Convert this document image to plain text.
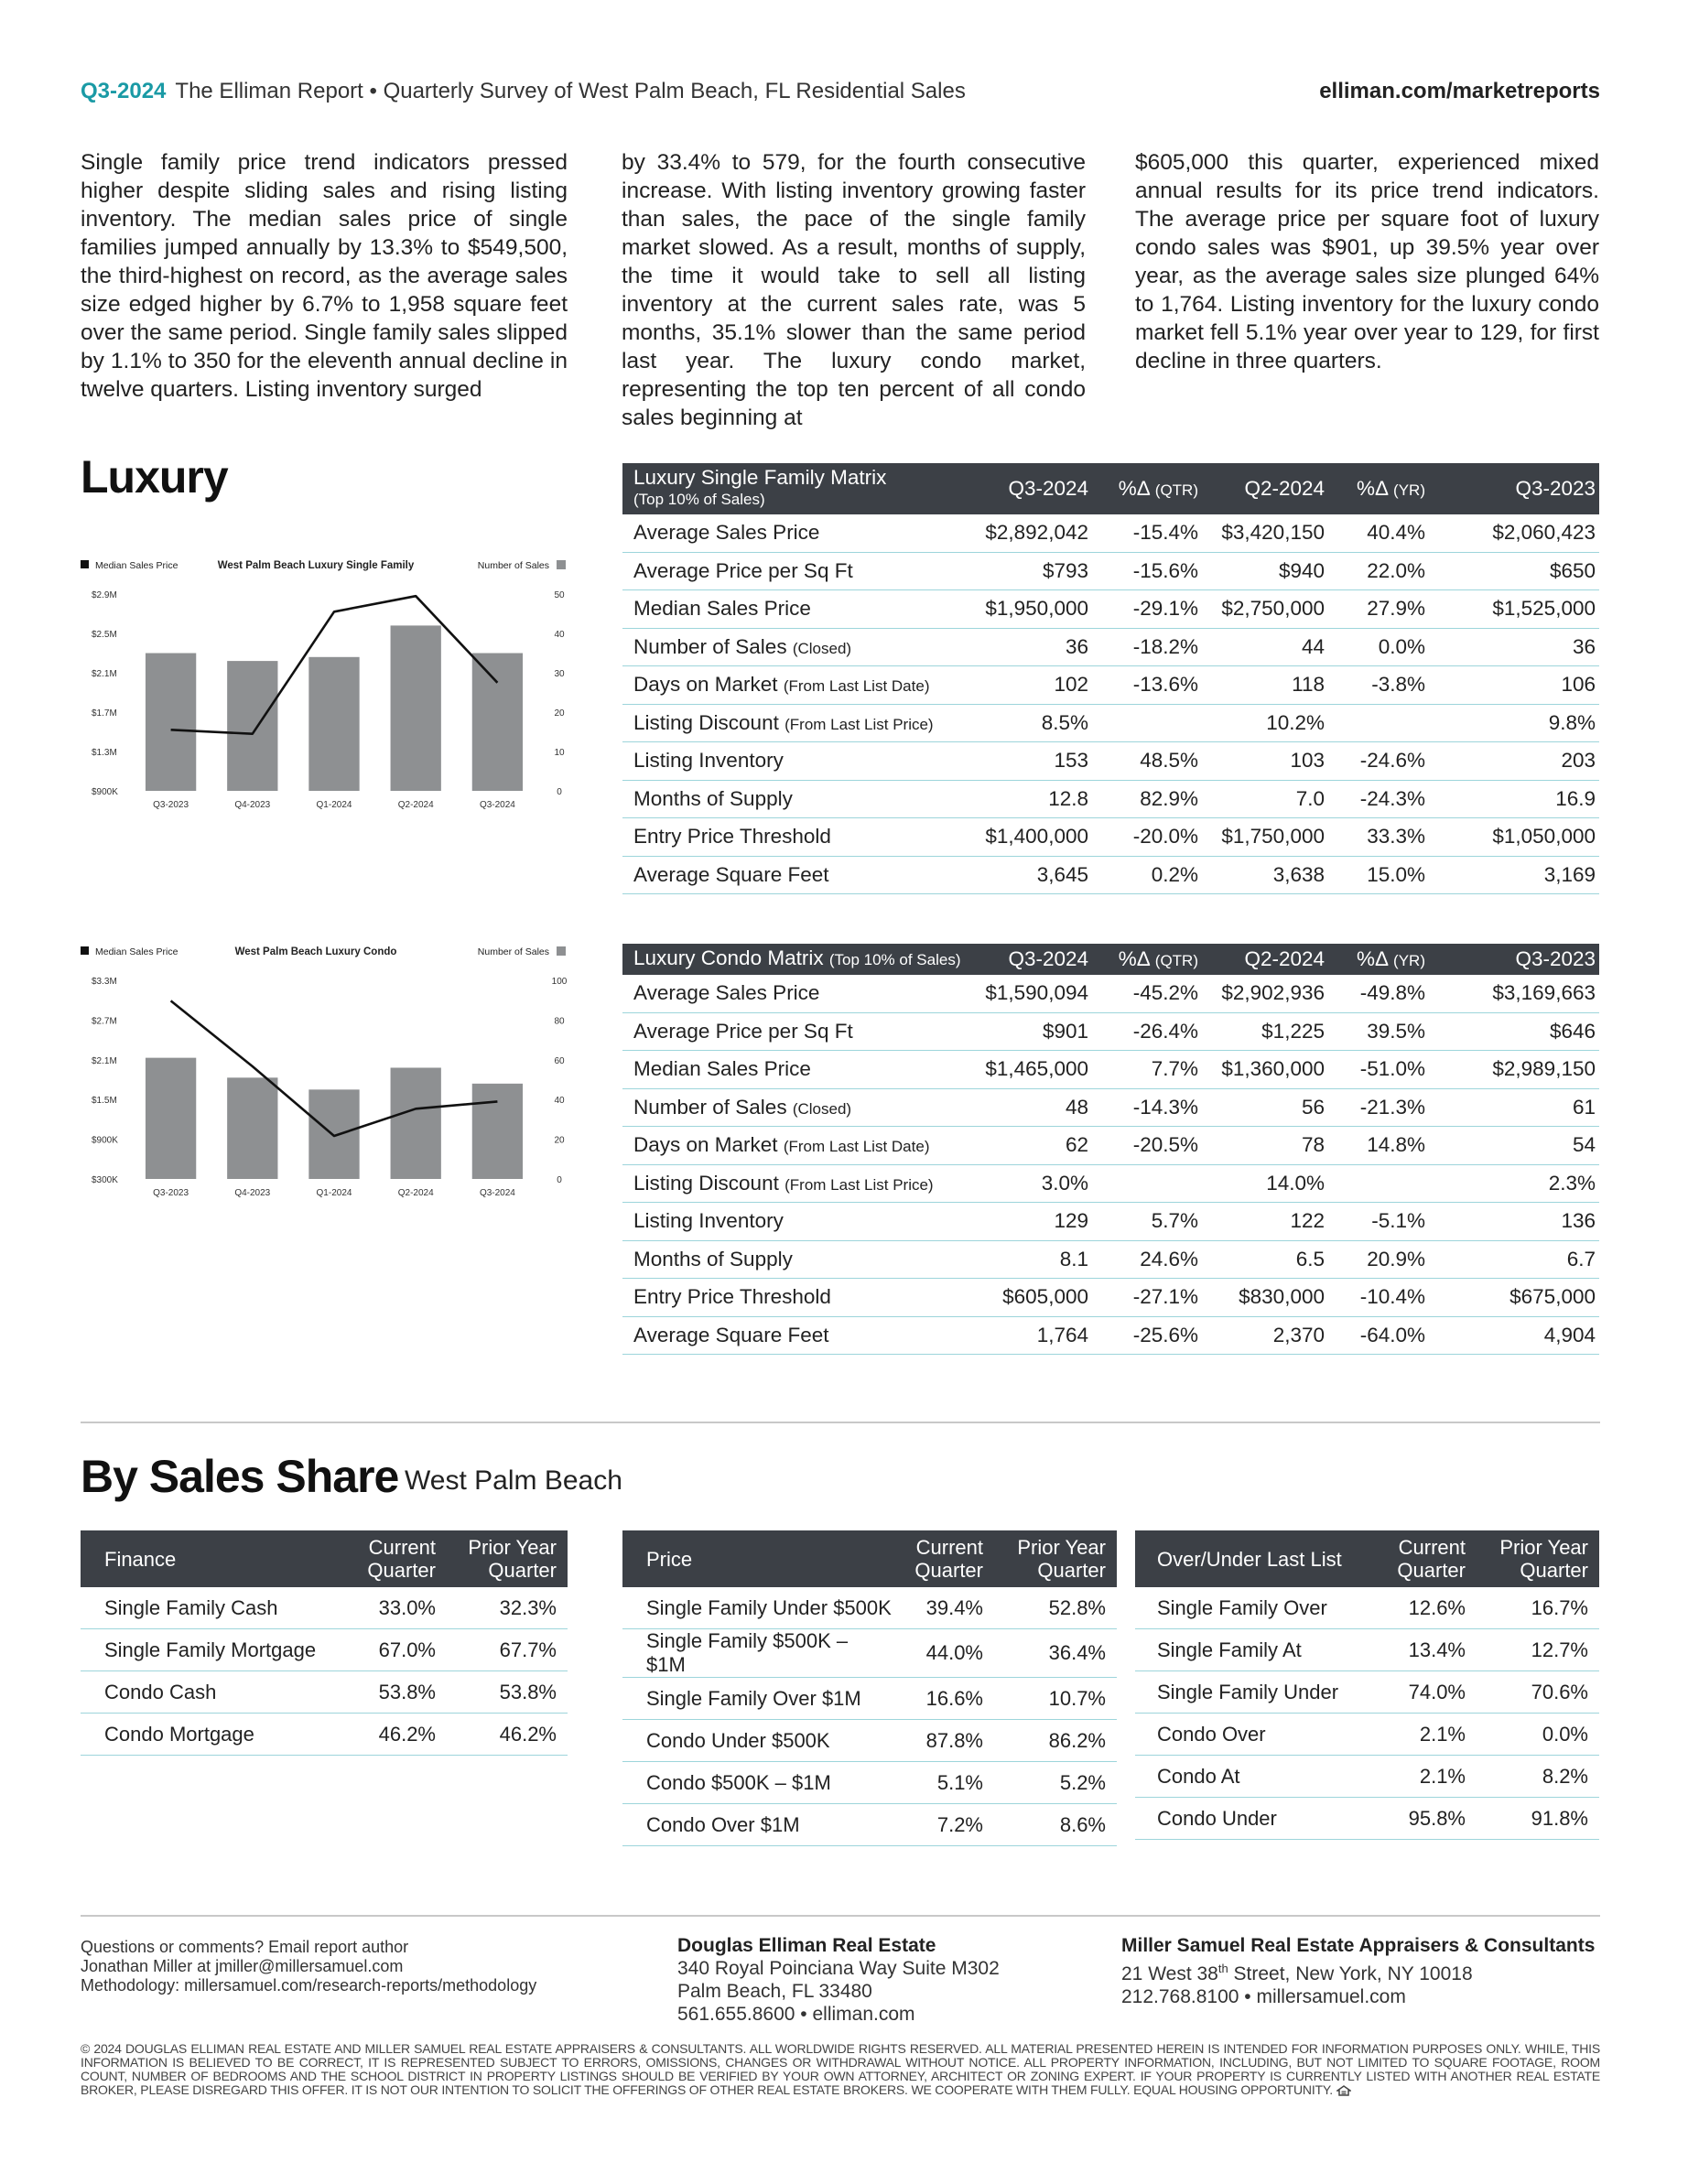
Q3-2024 The Elliman Report • Quarterly Survey of West Palm Beach, FL Residential Sales	elliman.com/marketreports
Single family price trend indicators pressed higher despite sliding sales and rising listing inventory. The median sales price of single families jumped annually by 13.3% to $549,500, the third-highest on record, as the average sales size edged higher by 6.7% to 1,958 square feet over the same period. Single family sales slipped by 1.1% to 350 for the eleventh annual decline in twelve quarters. Listing inventory surged
by 33.4% to 579, for the fourth consecutive increase. With listing inventory growing faster than sales, the pace of the single family market slowed. As a result, months of supply, the time it would take to sell all listing inventory at the current sales rate, was 5 months, 35.1% slower than the same period last year. The luxury condo market, representing the top ten percent of all condo sales beginning at
$605,000 this quarter, experienced mixed annual results for its price trend indicators. The average price per square foot of luxury condo sales was $901, up 39.5% year over year, as the average sales size plunged 64% to 1,764. Listing inventory for the luxury condo market fell 5.1% year over year to 129, for first decline in three quarters.
Luxury
Median Sales Price	West Palm Beach Luxury Single Family	Number of Sales
$900K	0
$1.3M	10
$1.7M	20
$2.1M	30
$2.5M	40
$2.9M	50
Q3-2023	Q4-2023	Q1-2024	Q2-2024	Q3-2024
Median Sales Price	West Palm Beach Luxury Condo	Number of Sales
$300K	0
$900K	20
$1.5M	40
$2.1M	60
$2.7M	80
$3.3M	100
Q3-2023	Q4-2023	Q1-2024	Q2-2024	Q3-2024
Luxury Single Family Matrix
(Top 10% of Sales)	Q3-2024	%Δ (QTR)	Q2-2024	%Δ (YR)	Q3-2023
Average Sales Price	$2,892,042	-15.4%	$3,420,150	40.4%	$2,060,423
Average Price per Sq Ft	$793	-15.6%	$940	22.0%	$650
Median Sales Price	$1,950,000	-29.1%	$2,750,000	27.9%	$1,525,000
Number of Sales (Closed)	36	-18.2%	44	0.0%	36
Days on Market (From Last List Date)	102	-13.6%	118	-3.8%	106
Listing Discount (From Last List Price)	8.5%		10.2%		9.8%
Listing Inventory	153	48.5%	103	-24.6%	203
Months of Supply	12.8	82.9%	7.0	-24.3%	16.9
Entry Price Threshold	$1,400,000	-20.0%	$1,750,000	33.3%	$1,050,000
Average Square Feet	3,645	0.2%	3,638	15.0%	3,169
Luxury Condo Matrix (Top 10% of Sales)	Q3-2024	%Δ (QTR)	Q2-2024	%Δ (YR)	Q3-2023
Average Sales Price	$1,590,094	-45.2%	$2,902,936	-49.8%	$3,169,663
Average Price per Sq Ft	$901	-26.4%	$1,225	39.5%	$646
Median Sales Price	$1,465,000	7.7%	$1,360,000	-51.0%	$2,989,150
Number of Sales (Closed)	48	-14.3%	56	-21.3%	61
Days on Market (From Last List Date)	62	-20.5%	78	14.8%	54
Listing Discount (From Last List Price)	3.0%		14.0%		2.3%
Listing Inventory	129	5.7%	122	-5.1%	136
Months of Supply	8.1	24.6%	6.5	20.9%	6.7
Entry Price Threshold	$605,000	-27.1%	$830,000	-10.4%	$675,000
Average Square Feet	1,764	-25.6%	2,370	-64.0%	4,904
By Sales Share West Palm Beach
Finance	Current Quarter	Prior Year Quarter
Single Family Cash	33.0%	32.3%
Single Family Mortgage	67.0%	67.7%
Condo Cash	53.8%	53.8%
Condo Mortgage	46.2%	46.2%
Price	Current Quarter	Prior Year Quarter
Single Family Under $500K	39.4%	52.8%
Single Family $500K – $1M	44.0%	36.4%
Single Family Over $1M	16.6%	10.7%
Condo Under $500K	87.8%	86.2%
Condo $500K – $1M	5.1%	5.2%
Condo Over $1M	7.2%	8.6%
Over/Under Last List	Current Quarter	Prior Year Quarter
Single Family Over	12.6%	16.7%
Single Family At	13.4%	12.7%
Single Family Under	74.0%	70.6%
Condo Over	2.1%	0.0%
Condo At	2.1%	8.2%
Condo Under	95.8%	91.8%
Questions or comments? Email report author
Jonathan Miller at jmiller@millersamuel.com
Methodology: millersamuel.com/research-reports/methodology
Douglas Elliman Real Estate
340 Royal Poinciana Way Suite M302
Palm Beach, FL 33480
561.655.8600 • elliman.com
Miller Samuel Real Estate Appraisers & Consultants
21 West 38th Street, New York, NY 10018
212.768.8100 • millersamuel.com
© 2024 DOUGLAS ELLIMAN REAL ESTATE AND MILLER SAMUEL REAL ESTATE APPRAISERS & CONSULTANTS. ALL WORLDWIDE RIGHTS RESERVED. ALL MATERIAL PRESENTED HEREIN IS INTENDED FOR INFORMATION PURPOSES ONLY. WHILE, THIS INFORMATION IS BELIEVED TO BE CORRECT, IT IS REPRESENTED SUBJECT TO ERRORS, OMISSIONS, CHANGES OR WITHDRAWAL WITHOUT NOTICE. ALL PROPERTY INFORMATION, INCLUDING, BUT NOT LIMITED TO SQUARE FOOTAGE, ROOM COUNT, NUMBER OF BEDROOMS AND THE SCHOOL DISTRICT IN PROPERTY LISTINGS SHOULD BE VERIFIED BY YOUR OWN ATTORNEY, ARCHITECT OR ZONING EXPERT. IF YOUR PROPERTY IS CURRENTLY LISTED WITH ANOTHER REAL ESTATE BROKER, PLEASE DISREGARD THIS OFFER. IT IS NOT OUR INTENTION TO SOLICIT THE OFFERINGS OF OTHER REAL ESTATE BROKERS. WE COOPERATE WITH THEM FULLY. EQUAL HOUSING OPPORTUNITY.
